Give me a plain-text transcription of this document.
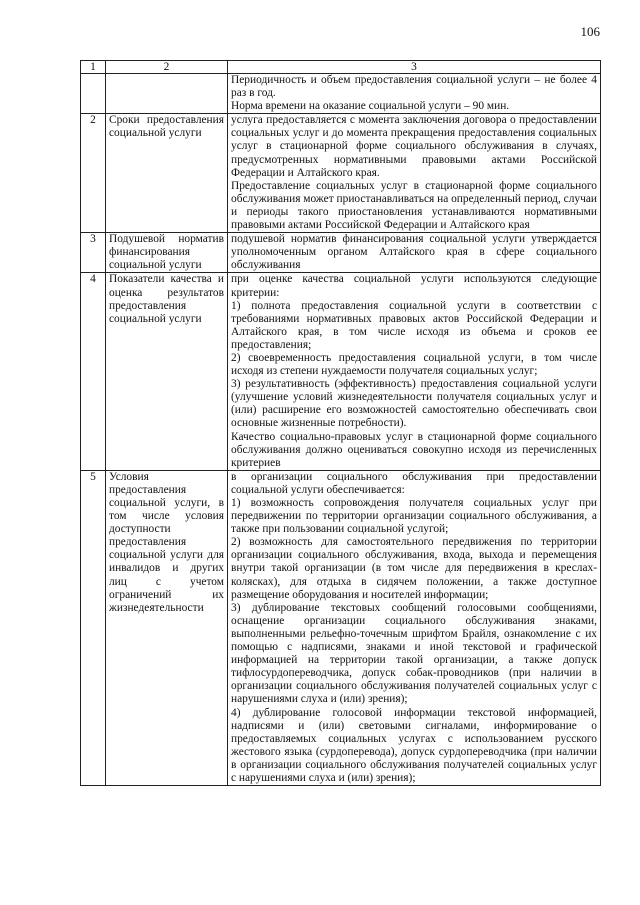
106
1	2	3

		Периодичность и объем предоставления социальной услуги – не более 4 раз в год.

Норма времени на оказание социальной услуги – 90 мин.

2	Сроки предоставления социальной услуги	услуга предоставляется с момента заключения договора о предоставлении социальных услуг и до момента прекращения предоставления социальных услуг в стационарной форме социального обслуживания в случаях, предусмотренных нормативными правовыми актами Российской Федерации и Алтайского края.

Предоставление социальных услуг в стационарной форме социального обслуживания может приостанавливаться на определенный период, случаи и периоды такого приостановления устанавливаются нормативными правовыми актами Российской Федерации и Алтайского края

3	Подушевой норматив финансирования социальной услуги	подушевой норматив финансирования социальной услуги утверждается уполномоченным органом Алтайского края в сфере социального обслуживания

4	Показатели качества и оценка результатов предоставления социальной услуги	при оценке качества социальной услуги используются следующие критерии:

1) полнота предоставления социальной услуги в соответствии с требованиями нормативных правовых актов Российской Федерации и Алтайского края, в том числе исходя из объема и сроков ее предоставления;

2) своевременность предоставления социальной услуги, в том числе исходя из степени нуждаемости получателя социальных услуг;

3) результативность (эффективность) предоставления социальной услуги (улучшение условий жизнедеятельности получателя социальных услуг и (или) расширение его возможностей самостоятельно обеспечивать свои основные жизненные потребности).

Качество социально-правовых услуг в стационарной форме социального обслуживания должно оцениваться совокупно исходя из перечисленных критериев

5	Условия предоставления социальной услуги, в том числе условия доступности предоставления социальной услуги для инвалидов и других лиц с учетом ограничений их жизнедеятельности	в организации социального обслуживания при предоставлении социальной услуги обеспечивается:

1) возможность сопровождения получателя социальных услуг при передвижении по территории организации социального обслуживания, а также при пользовании социальной услугой;

2) возможность для самостоятельного передвижения по территории организации социального обслуживания, входа, выхода и перемещения внутри такой организации (в том числе для передвижения в креслах-колясках), для отдыха в сидячем положении, а также доступное размещение оборудования и носителей информации;

3) дублирование текстовых сообщений голосовыми сообщениями, оснащение организации социального обслуживания знаками, выполненными рельефно-точечным шрифтом Брайля, ознакомление с их помощью с надписями, знаками и иной текстовой и графической информацией на территории такой организации, а также допуск тифлосурдопереводчика, допуск собак-проводников (при наличии в организации социального обслуживания получателей социальных услуг с нарушениями слуха и (или) зрения);

4) дублирование голосовой информации текстовой информацией, надписями и (или) световыми сигналами, информирование о предоставляемых социальных услугах с использованием русского жестового языка (сурдоперевода), допуск сурдопереводчика (при наличии в организации социального обслуживания получателей социальных услуг с нарушениями слуха и (или) зрения);
